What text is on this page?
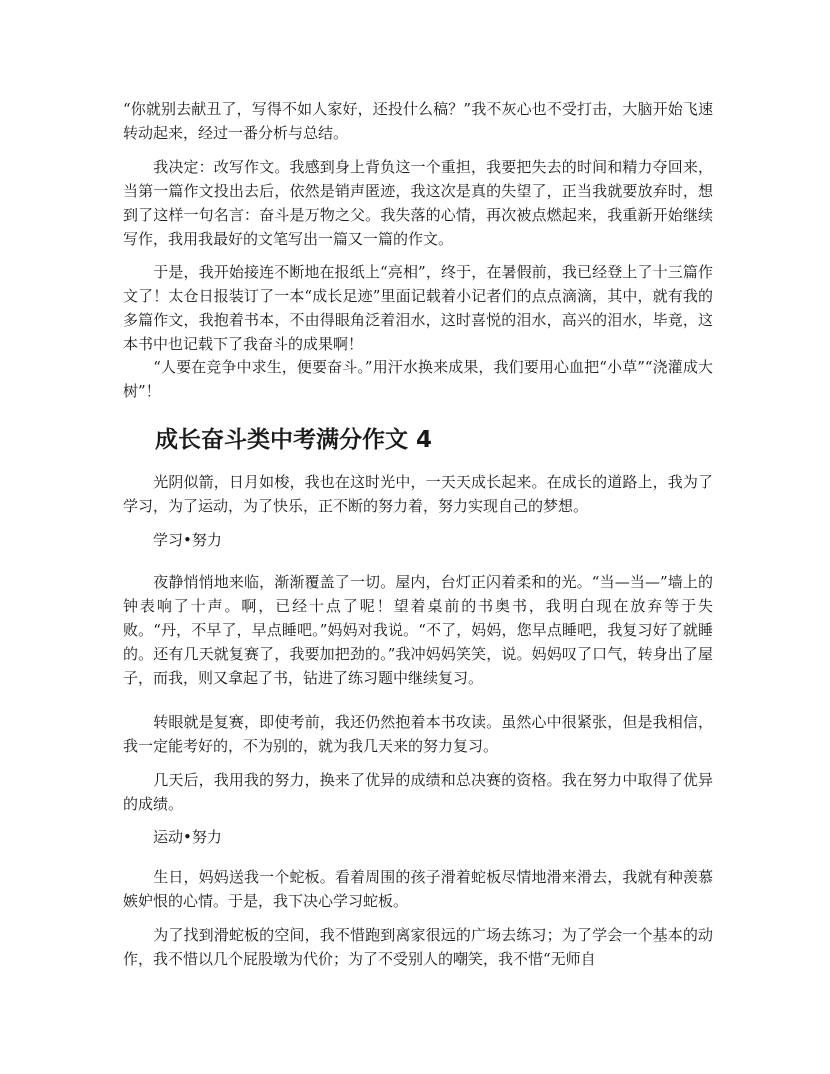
“你就别去献丑了，写得不如人家好，还投什么稿？”我不灰心也不受打击，大脑开始飞速转动起来，经过一番分析与总结。

　　我决定：改写作文。我感到身上背负这一个重担，我要把失去的时间和精力夺回来，当第一篇作文投出去后，依然是销声匿迹，我这次是真的失望了，正当我就要放弃时，想到了这样一句名言：奋斗是万物之父。我失落的心情，再次被点燃起来，我重新开始继续写作，我用我最好的文笔写出一篇又一篇的作文。

　　于是，我开始接连不断地在报纸上“亮相”，终于，在暑假前，我已经登上了十三篇作文了！太仓日报装订了一本“成长足迹”里面记载着小记者们的点点滴滴，其中，就有我的多篇作文，我抱着书本，不由得眼角泛着泪水，这时喜悦的泪水，高兴的泪水，毕竟，这本书中也记载下了我奋斗的成果啊！

　　“人要在竞争中求生，便要奋斗。”用汗水换来成果，我们要用心血把“小草”“浇灌成大树”！

成长奋斗类中考满分作文 4

　　光阴似箭，日月如梭，我也在这时光中，一天天成长起来。在成长的道路上，我为了学习，为了运动，为了快乐，正不断的努力着，努力实现自己的梦想。

学习•努力

　　夜静悄悄地来临，渐渐覆盖了一切。屋内，台灯正闪着柔和的光。“当—当—”墙上的钟表响了十声。啊，已经十点了呢！望着桌前的书奥书，我明白现在放弃等于失败。“丹，不早了，早点睡吧。”妈妈对我说。“不了，妈妈，您早点睡吧，我复习好了就睡的。还有几天就复赛了，我要加把劲的。”我冲妈妈笑笑，说。妈妈叹了口气，转身出了屋子，而我，则又拿起了书，钻进了练习题中继续复习。

　　转眼就是复赛，即使考前，我还仍然抱着本书攻读。虽然心中很紧张，但是我相信，我一定能考好的，不为别的，就为我几天来的努力复习。

　　几天后，我用我的努力，换来了优异的成绩和总决赛的资格。我在努力中取得了优异的成绩。

运动•努力

　　生日，妈妈送我一个蛇板。看着周围的孩子滑着蛇板尽情地滑来滑去，我就有种羡慕嫉妒恨的心情。于是，我下决心学习蛇板。

　　为了找到滑蛇板的空间，我不惜跑到离家很远的广场去练习；为了学会一个基本的动作，我不惜以几个屁股墩为代价；为了不受别人的嘲笑，我不惜“无师自
